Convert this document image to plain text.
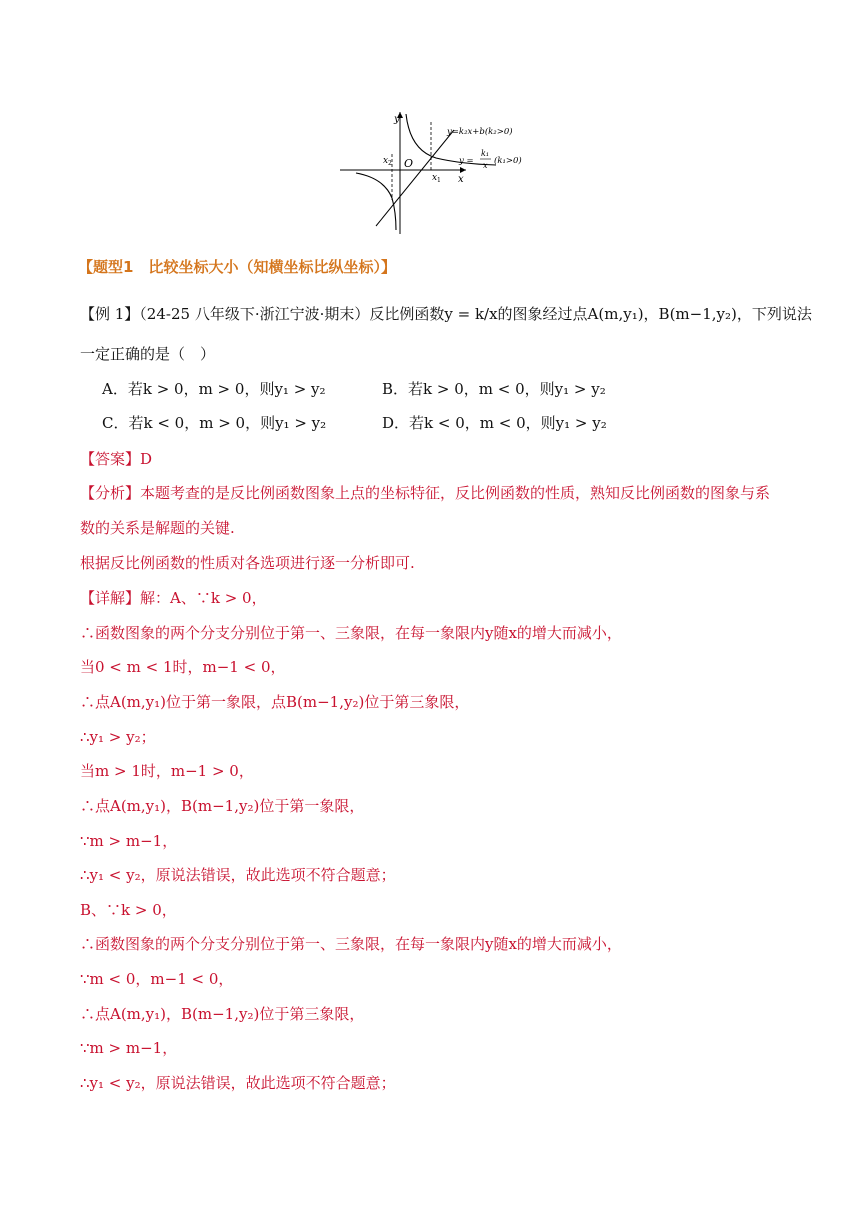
y
x
O
x 1
x 2
y=k₂x+b(k₂>0)
y =
k₁
x (k₁>0)
【题型1　比较坐标大小（知横坐标比纵坐标）】
【例 1】（24-25 八年级下·浙江宁波·期末）反比例函数y = k/x的图象经过点A(m,y₁)，B(m−1,y₂)，下列说法
一定正确的是（　）
A．若k > 0，m > 0，则y₁ > y₂	B．若k > 0，m < 0，则y₁ > y₂
C．若k < 0，m > 0，则y₁ > y₂	D．若k < 0，m < 0，则y₁ > y₂
【答案】D
【分析】本题考查的是反比例函数图象上点的坐标特征，反比例函数的性质，熟知反比例函数的图象与系
数的关系是解题的关键.
根据反比例函数的性质对各选项进行逐一分析即可.
【详解】解：A、∵k > 0，
∴函数图象的两个分支分别位于第一、三象限，在每一象限内y随x的增大而减小，
当0 < m < 1时，m−1 < 0，
∴点A(m,y₁)位于第一象限，点B(m−1,y₂)位于第三象限，
∴y₁ > y₂；
当m > 1时，m−1 > 0，
∴点A(m,y₁)，B(m−1,y₂)位于第一象限，
∵m > m−1，
∴y₁ < y₂，原说法错误，故此选项不符合题意；
B、∵k > 0，
∴函数图象的两个分支分别位于第一、三象限，在每一象限内y随x的增大而减小，
∵m < 0，m−1 < 0，
∴点A(m,y₁)，B(m−1,y₂)位于第三象限，
∵m > m−1，
∴y₁ < y₂，原说法错误，故此选项不符合题意；
